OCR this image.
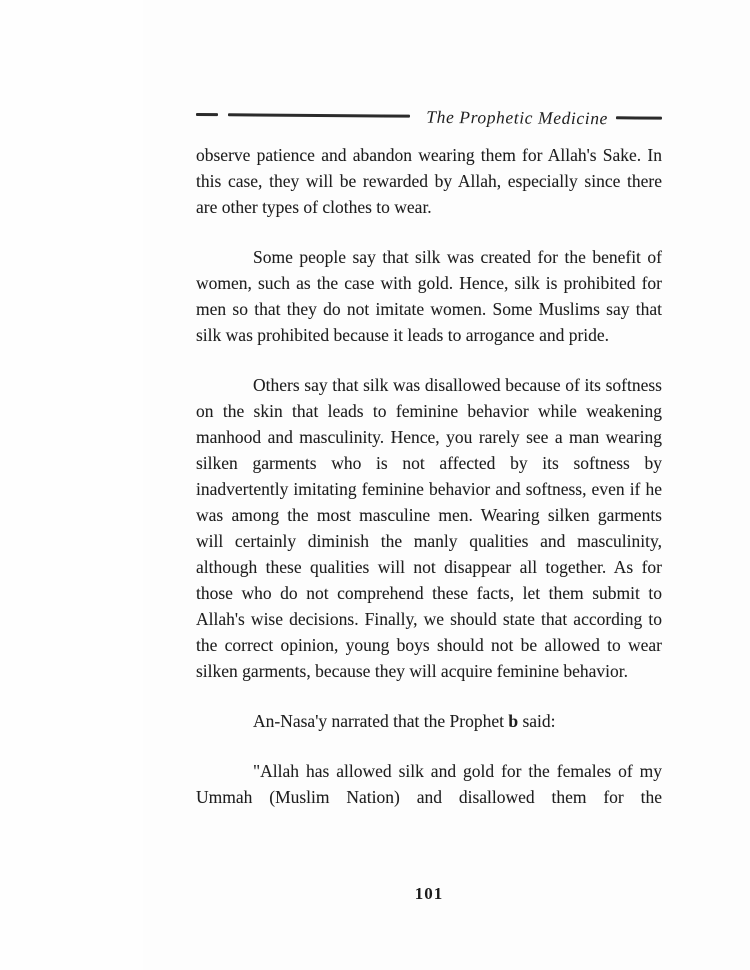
The Prophetic Medicine

observe patience and abandon wearing them for Allah's Sake. In this case, they will be rewarded by Allah, especially since there are other types of clothes to wear.

Some people say that silk was created for the benefit of women, such as the case with gold. Hence, silk is prohibited for men so that they do not imitate women. Some Muslims say that silk was prohibited because it leads to arrogance and pride.

Others say that silk was disallowed because of its softness on the skin that leads to feminine behavior while weakening manhood and masculinity. Hence, you rarely see a man wearing silken garments who is not affected by its softness by inadvertently imitating feminine behavior and softness, even if he was among the most masculine men. Wearing silken garments will certainly diminish the manly qualities and masculinity, although these qualities will not disappear all together. As for those who do not comprehend these facts, let them submit to Allah's wise decisions. Finally, we should state that according to the correct opinion, young boys should not be allowed to wear silken garments, because they will acquire feminine behavior.

An-Nasa'y narrated that the Prophet b said:

"Allah has allowed silk and gold for the females of my Ummah (Muslim Nation) and disallowed them for the

101
